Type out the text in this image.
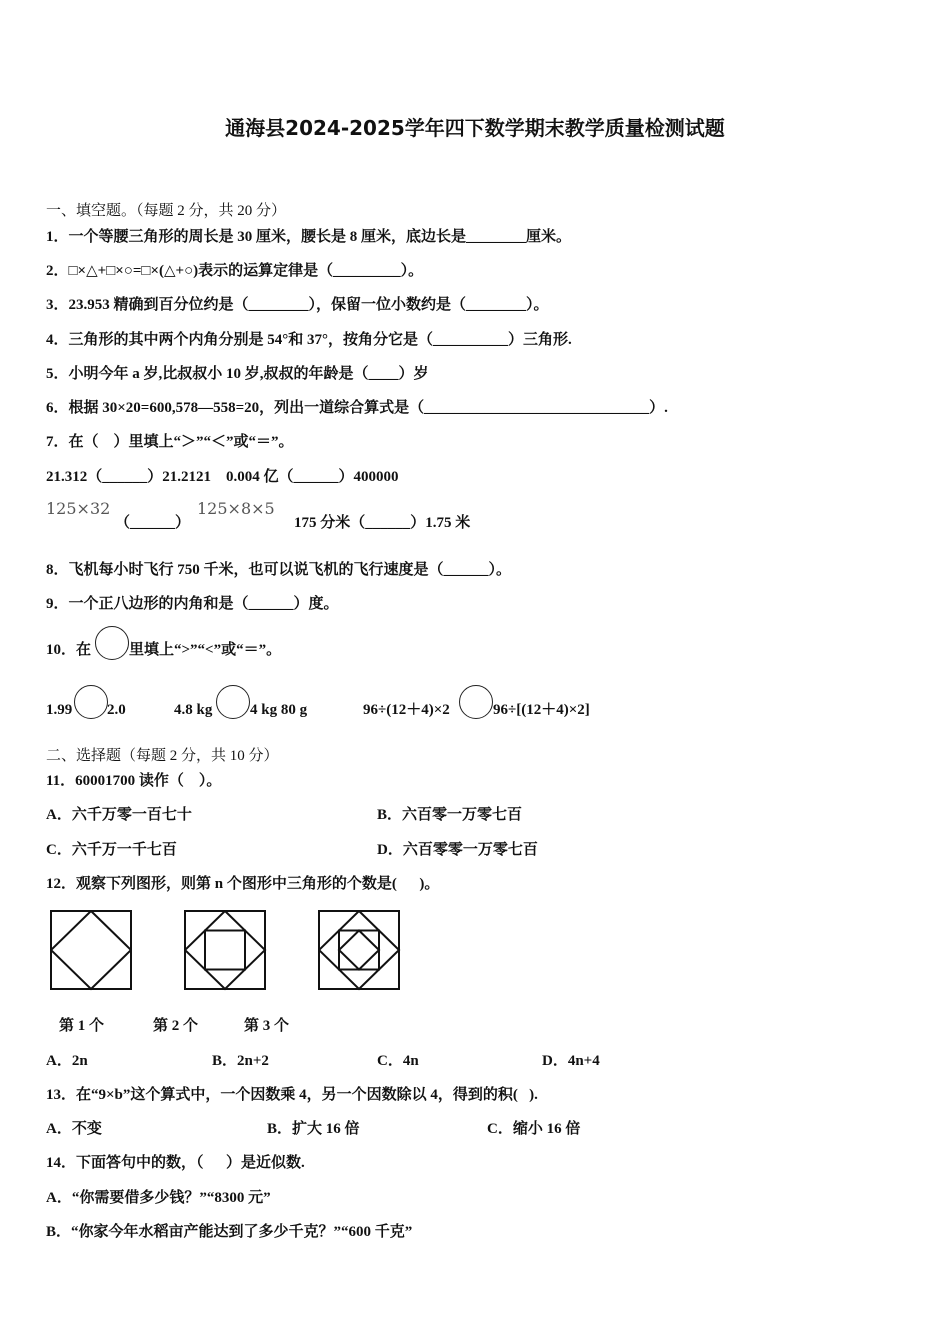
通海县2024-2025学年四下数学期末教学质量检测试题
一、填空题。（每题 2 分，共 20 分）
1．一个等腰三角形的周长是 30 厘米，腰长是 8 厘米，底边长是________厘米。
2．□×△+□×○=□×(△+○)表示的运算定律是（_________）。
3．23.953 精确到百分位约是（________），保留一位小数约是（________）。
4．三角形的其中两个内角分别是 54°和 37°，按角分它是（__________）三角形.
5．小明今年 a 岁,比叔叔小 10 岁,叔叔的年龄是（____）岁
6．根据 30×20=600,578—558=20，列出一道综合算式是（______________________________）.
7．在（    ）里填上“＞”“＜”或“＝”。
21.312（______）21.2121    0.004 亿（______）400000
125×32
（______）
125×8×5
175 分米（______）1.75 米
8．飞机每小时飞行 750 千米，也可以说飞机的飞行速度是（______）。
9．一个正八边形的内角和是（______）度。
10．在	里填上“>”“<”或“＝”。
1.99 2.0	4.8 kg	4 kg 80 g	96÷(12＋4)×2	96÷[(12＋4)×2]
二、选择题（每题 2 分，共 10 分）
11．60001700 读作（    ）。
A．六千万零一百七十	B．六百零一万零七百
C．六千万一千七百	D．六百零零一万零七百
12．观察下列图形，则第 n 个图形中三角形的个数是(      )。
第 1 个	第 2 个	第 3 个
A．2n	B．2n+2	C．4n	D．4n+4
13．在“9×b”这个算式中，一个因数乘 4，另一个因数除以 4，得到的积(   ).
A．不变	B．扩大 16 倍	C．缩小 16 倍
14．下面答句中的数，（      ）是近似数.
A．“你需要借多少钱？”“8300 元”
B．“你家今年水稻亩产能达到了多少千克？”“600 千克”
